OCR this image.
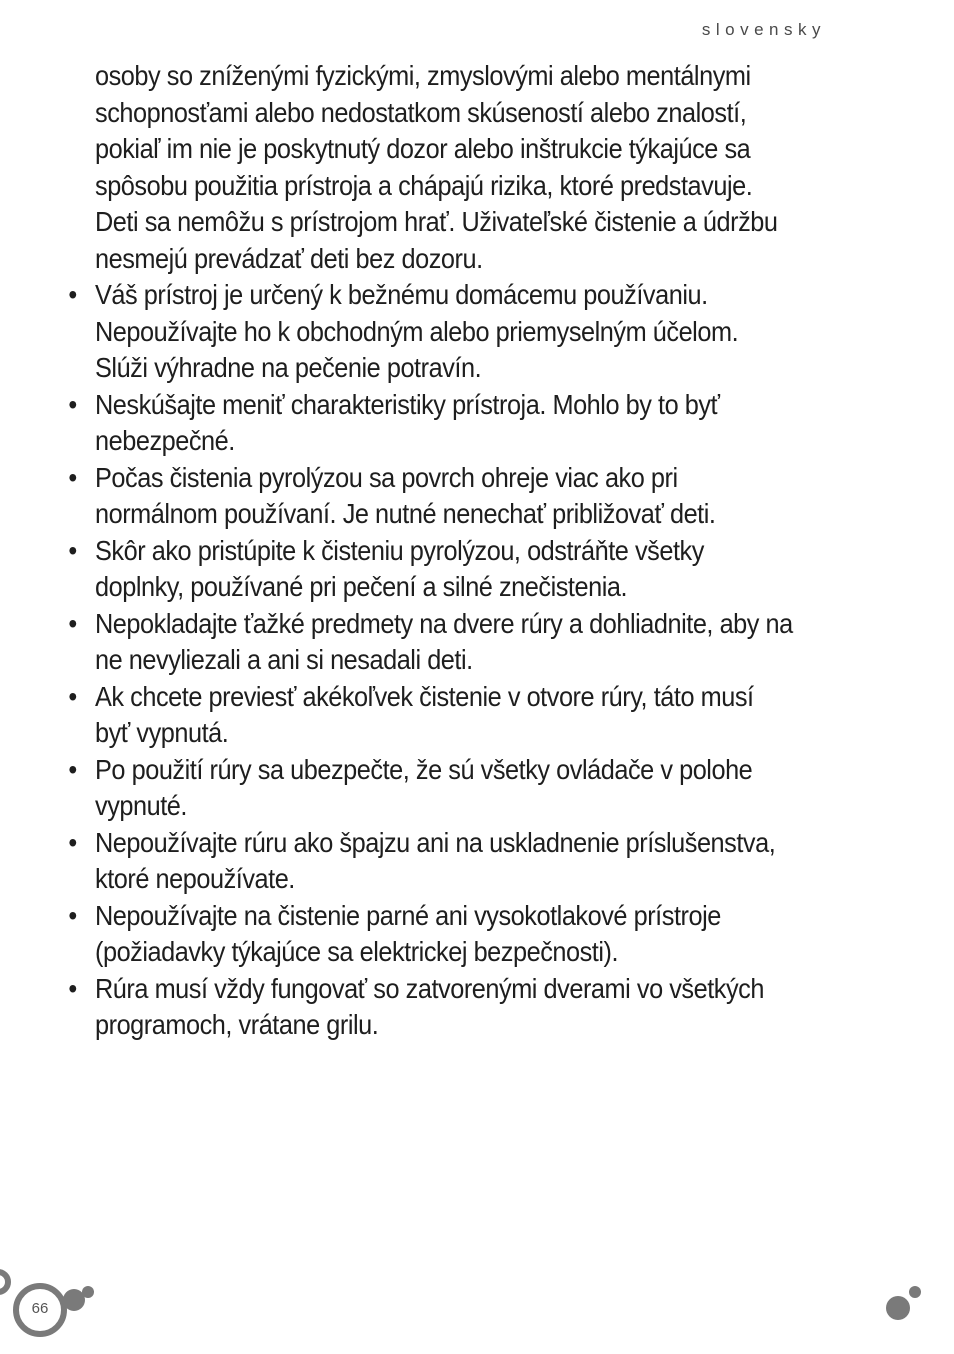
slovensky

osoby so zníženými fyzickými, zmyslovými alebo mentálnymi schopnosťami alebo nedostatkom skúseností alebo znalostí, pokiaľ im nie je poskytnutý dozor alebo inštrukcie týkajúce sa spôsobu použitia prístroja a chápajú rizika, ktoré predstavuje. Deti sa nemôžu s prístrojom hrať. Uživateľské čistenie a údržbu nesmejú prevádzať deti bez dozoru.

• Váš prístroj je určený k bežnému domácemu používaniu. Nepoužívajte ho k obchodným alebo priemyselným účelom. Slúži výhradne na pečenie potravín.
• Neskúšajte meniť charakteristiky prístroja. Mohlo by to byť nebezpečné.
• Počas čistenia pyrolýzou sa povrch ohreje viac ako pri normálnom používaní. Je nutné nenechať približovať deti.
• Skôr ako pristúpite k čisteniu pyrolýzou, odstráňte všetky doplnky, používané pri pečení a silné znečistenia.
• Nepokladajte ťažké predmety na dvere rúry a dohliadnite, aby na ne nevyliezali a ani si nesadali deti.
• Ak chcete previesť akékoľvek čistenie v otvore rúry, táto musí byť vypnutá.
• Po použití rúry sa ubezpečte, že sú všetky ovládače v polohe vypnuté.
• Nepoužívajte rúru ako špajzu ani na uskladnenie príslušenstva, ktoré nepoužívate.
• Nepoužívajte na čistenie parné ani vysokotlakové prístroje (požiadavky týkajúce sa elektrickej bezpečnosti).
• Rúra musí vždy fungovať so zatvorenými dverami vo všetkých programoch, vrátane grilu.
66
